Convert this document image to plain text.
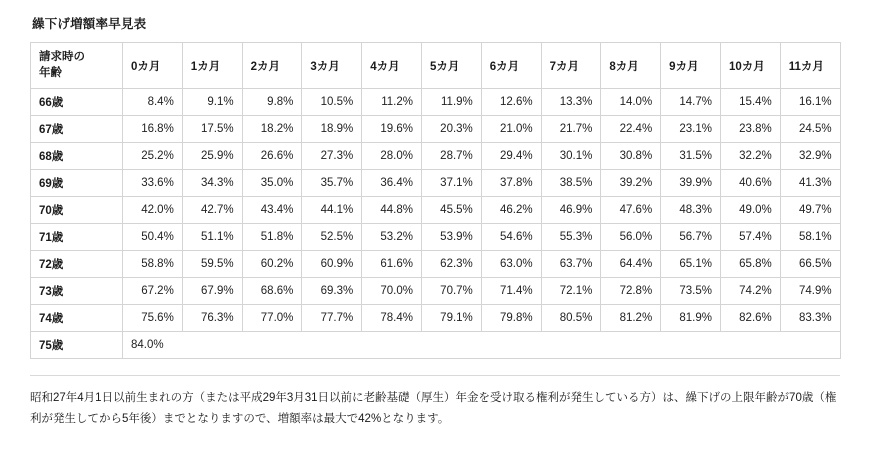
繰下げ増額率早見表
請求時の
年齢	0カ月	1カ月	2カ月	3カ月	4カ月	5カ月	6カ月	7カ月	8カ月	9カ月	10カ月	11カ月
66歳	8.4%	9.1%	9.8%	10.5%	11.2%	11.9%	12.6%	13.3%	14.0%	14.7%	15.4%	16.1%
67歳	16.8%	17.5%	18.2%	18.9%	19.6%	20.3%	21.0%	21.7%	22.4%	23.1%	23.8%	24.5%
68歳	25.2%	25.9%	26.6%	27.3%	28.0%	28.7%	29.4%	30.1%	30.8%	31.5%	32.2%	32.9%
69歳	33.6%	34.3%	35.0%	35.7%	36.4%	37.1%	37.8%	38.5%	39.2%	39.9%	40.6%	41.3%
70歳	42.0%	42.7%	43.4%	44.1%	44.8%	45.5%	46.2%	46.9%	47.6%	48.3%	49.0%	49.7%
71歳	50.4%	51.1%	51.8%	52.5%	53.2%	53.9%	54.6%	55.3%	56.0%	56.7%	57.4%	58.1%
72歳	58.8%	59.5%	60.2%	60.9%	61.6%	62.3%	63.0%	63.7%	64.4%	65.1%	65.8%	66.5%
73歳	67.2%	67.9%	68.6%	69.3%	70.0%	70.7%	71.4%	72.1%	72.8%	73.5%	74.2%	74.9%
74歳	75.6%	76.3%	77.0%	77.7%	78.4%	79.1%	79.8%	80.5%	81.2%	81.9%	82.6%	83.3%
75歳	84.0%											

昭和27年4月1日以前生まれの方（または平成29年3月31日以前に老齢基礎（厚生）年金を受け取る権利が発生している方）は、繰下げの上限年齢が70歳（権利が発生してから5年後）までとなりますので、増額率は最大で42%となります。
